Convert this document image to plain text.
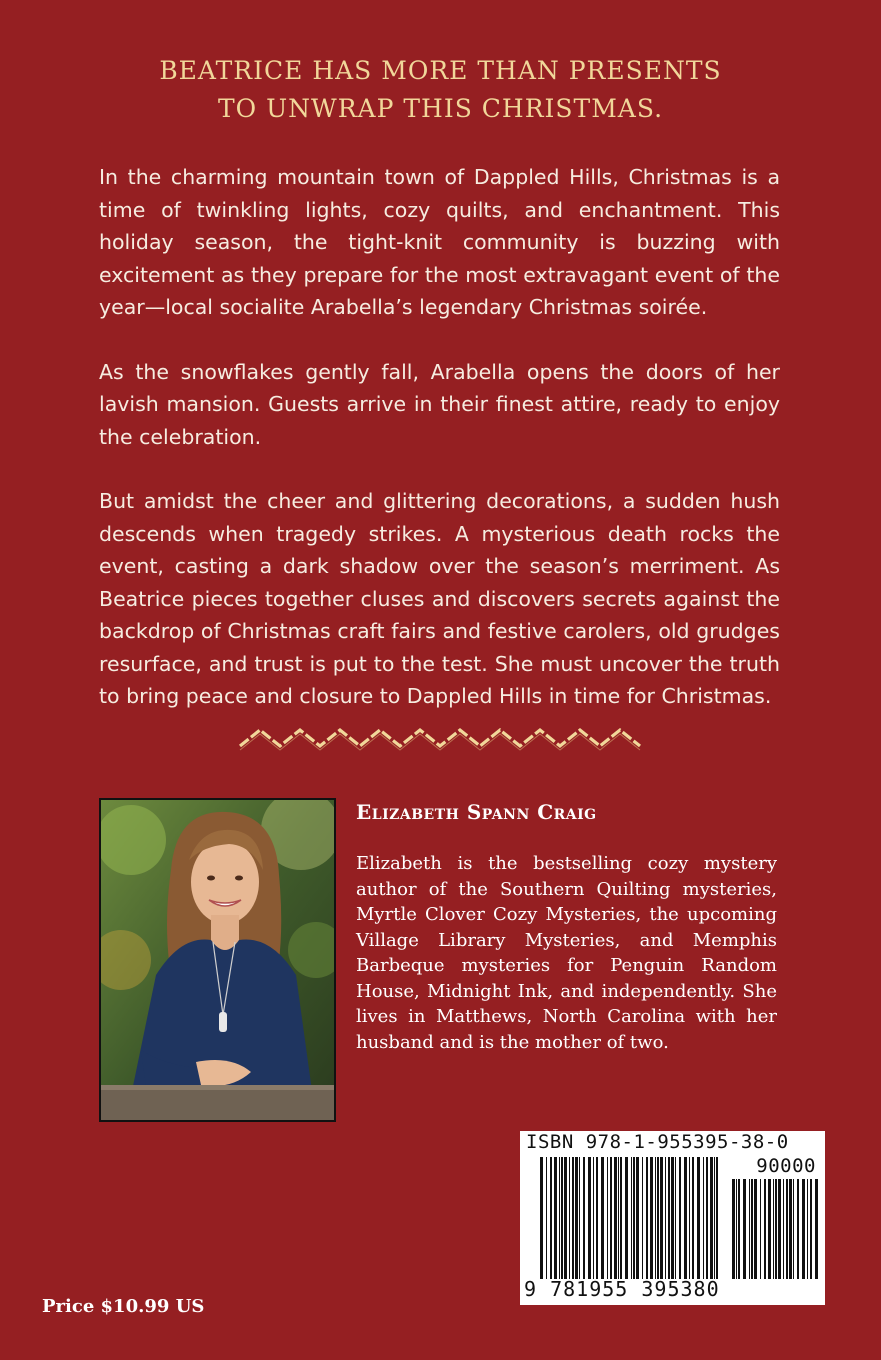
BEATRICE HAS MORE THAN PRESENTS
TO UNWRAP THIS CHRISTMAS.

In the charming mountain town of Dappled Hills, Christmas is a time of twinkling lights, cozy quilts, and enchantment. This holiday season, the tight-knit community is buzzing with excitement as they prepare for the most extravagant event of the year—local socialite Arabella’s legendary Christmas soirée.

As the snowflakes gently fall, Arabella opens the doors of her lavish mansion. Guests arrive in their finest attire, ready to enjoy the celebration.

But amidst the cheer and glittering decorations, a sudden hush descends when tragedy strikes. A mysterious death rocks the event, casting a dark shadow over the season’s merriment. As Beatrice pieces together cluses and discovers secrets against the backdrop of Christmas craft fairs and festive carolers, old grudges resurface, and trust is put to the test. She must uncover the truth to bring peace and closure to Dappled Hills in time for Christmas.

Elizabeth Spann Craig
Elizabeth is the bestselling cozy mystery author of the Southern Quilting mysteries, Myrtle Clover Cozy Mysteries, the upcoming Village Library Mysteries, and Memphis Barbeque mysteries for Penguin Random House, Midnight Ink, and independently. She lives in Matthews, North Carolina with her husband and is the mother of two.
ISBN 978-1-955395-38-0
90000
9 781955 395380
Price $10.99 US
